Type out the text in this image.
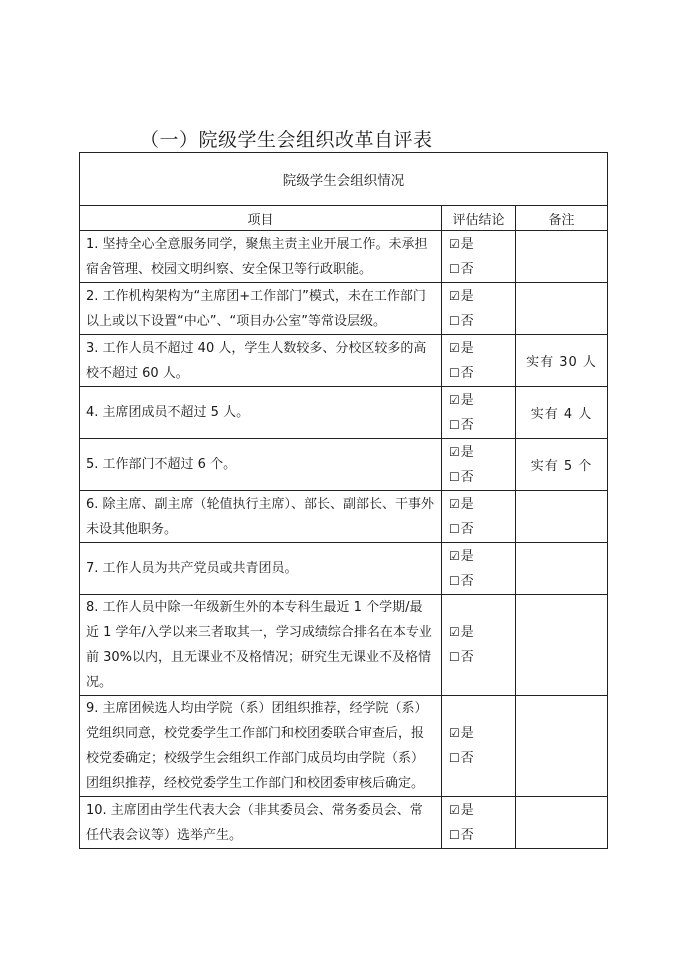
（一）院级学生会组织改革自评表
院级学生会组织情况		
项目	评估结论	备注
1. 坚持全心全意服务同学，聚焦主责主业开展工作。未承担宿舍管理、校园文明纠察、安全保卫等行政职能。	☑是
☐否	

2. 工作机构架构为“主席团+工作部门”模式，未在工作部门以上或以下设置“中心”、“项目办公室”等常设层级。	☑是
☐否	

3. 工作人员不超过 40 人，学生人数较多、分校区较多的高校不超过 60 人。	☑是
☐否	实有 30 人
4. 主席团成员不超过 5 人。	☑是
☐否	实有 4 人
5. 工作部门不超过 6 个。	☑是
☐否	实有 5 个
6. 除主席、副主席（轮值执行主席）、部长、副部长、干事外未设其他职务。	☑是
☐否	

7. 工作人员为共产党员或共青团员。	☑是
☐否	

8. 工作人员中除一年级新生外的本专科生最近 1 个学期/最近 1 学年/入学以来三者取其一，学习成绩综合排名在本专业前 30%以内，且无课业不及格情况；研究生无课业不及格情况。	☑是
☐否	

9. 主席团候选人均由学院（系）团组织推荐，经学院（系）党组织同意，校党委学生工作部门和校团委联合审查后，报校党委确定；校级学生会组织工作部门成员均由学院（系）团组织推荐，经校党委学生工作部门和校团委审核后确定。	☑是
☐否	

10. 主席团由学生代表大会（非其委员会、常务委员会、常任代表会议等）选举产生。	☑是
☐否	
